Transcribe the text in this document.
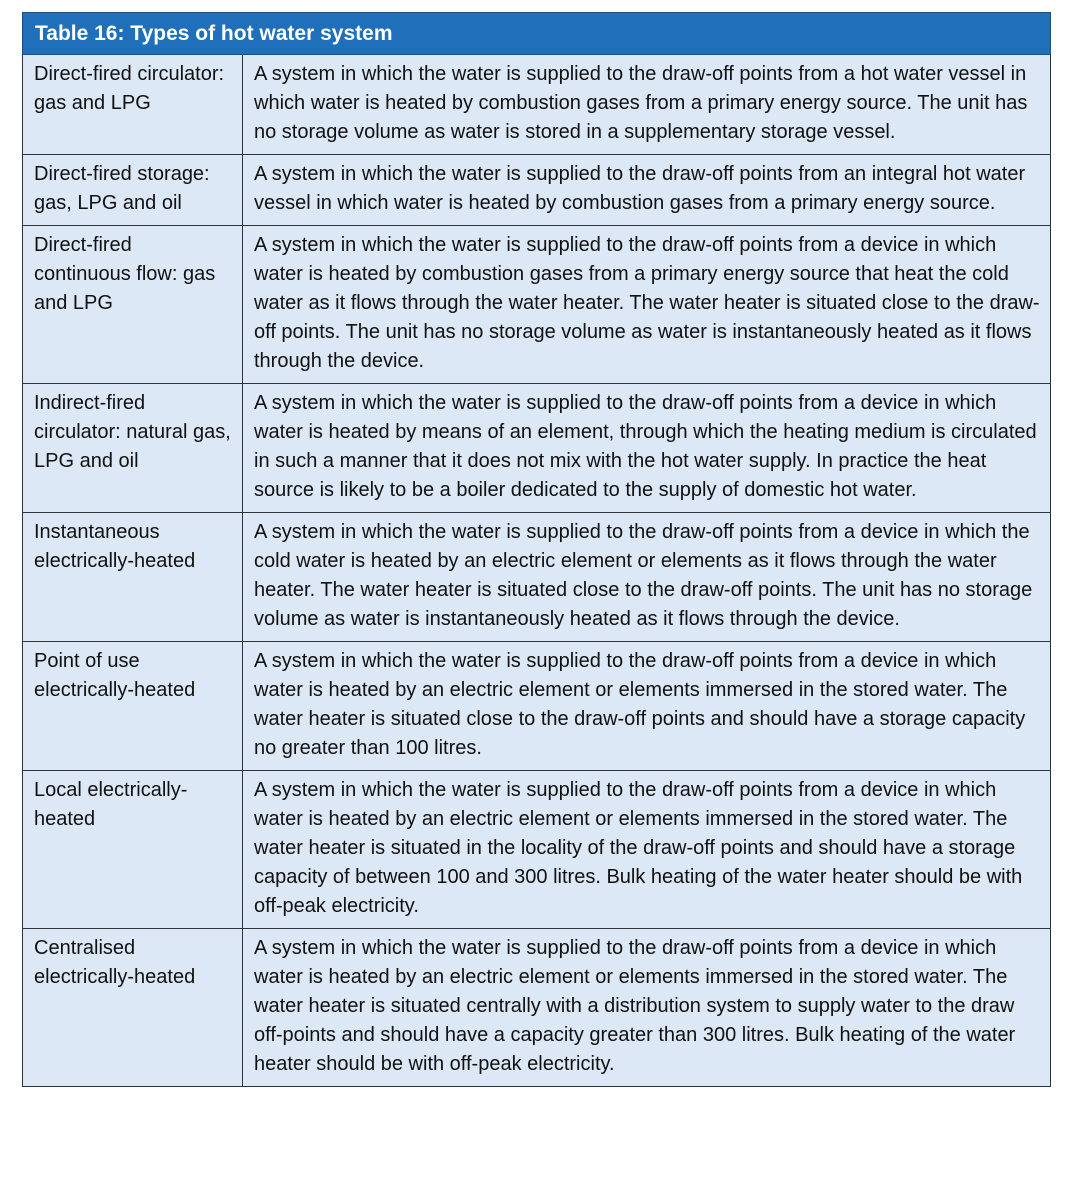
Table 16: Types of hot water system	
Direct-fired circulator: gas and LPG	A system in which the water is supplied to the draw-off points from a hot water vessel in which water is heated by combustion gases from a primary energy source. The unit has no storage volume as water is stored in a supplementary storage vessel.
Direct-fired storage: gas, LPG and oil	A system in which the water is supplied to the draw-off points from an integral hot water vessel in which water is heated by combustion gases from a primary energy source.
Direct-fired continuous flow: gas and LPG	A system in which the water is supplied to the draw-off points from a device in which water is heated by combustion gases from a primary energy source that heat the cold water as it flows through the water heater. The water heater is situated close to the draw-off points. The unit has no storage volume as water is instantaneously heated as it flows through the device.
Indirect-fired circulator: natural gas, LPG and oil	A system in which the water is supplied to the draw-off points from a device in which water is heated by means of an element, through which the heating medium is circulated in such a manner that it does not mix with the hot water supply. In practice the heat source is likely to be a boiler dedicated to the supply of domestic hot water.
Instantaneous electrically-heated	A system in which the water is supplied to the draw-off points from a device in which the cold water is heated by an electric element or elements as it flows through the water heater. The water heater is situated close to the draw-off points. The unit has no storage volume as water is instantaneously heated as it flows through the device.
Point of use electrically-heated	A system in which the water is supplied to the draw-off points from a device in which water is heated by an electric element or elements immersed in the stored water. The water heater is situated close to the draw-off points and should have a storage capacity no greater than 100 litres.
Local electrically-heated	A system in which the water is supplied to the draw-off points from a device in which water is heated by an electric element or elements immersed in the stored water. The water heater is situated in the locality of the draw-off points and should have a storage capacity of between 100 and 300 litres. Bulk heating of the water heater should be with off-peak electricity.
Centralised electrically-heated	A system in which the water is supplied to the draw-off points from a device in which water is heated by an electric element or elements immersed in the stored water. The water heater is situated centrally with a distribution system to supply water to the draw off-points and should have a capacity greater than 300 litres. Bulk heating of the water heater should be with off-peak electricity.
